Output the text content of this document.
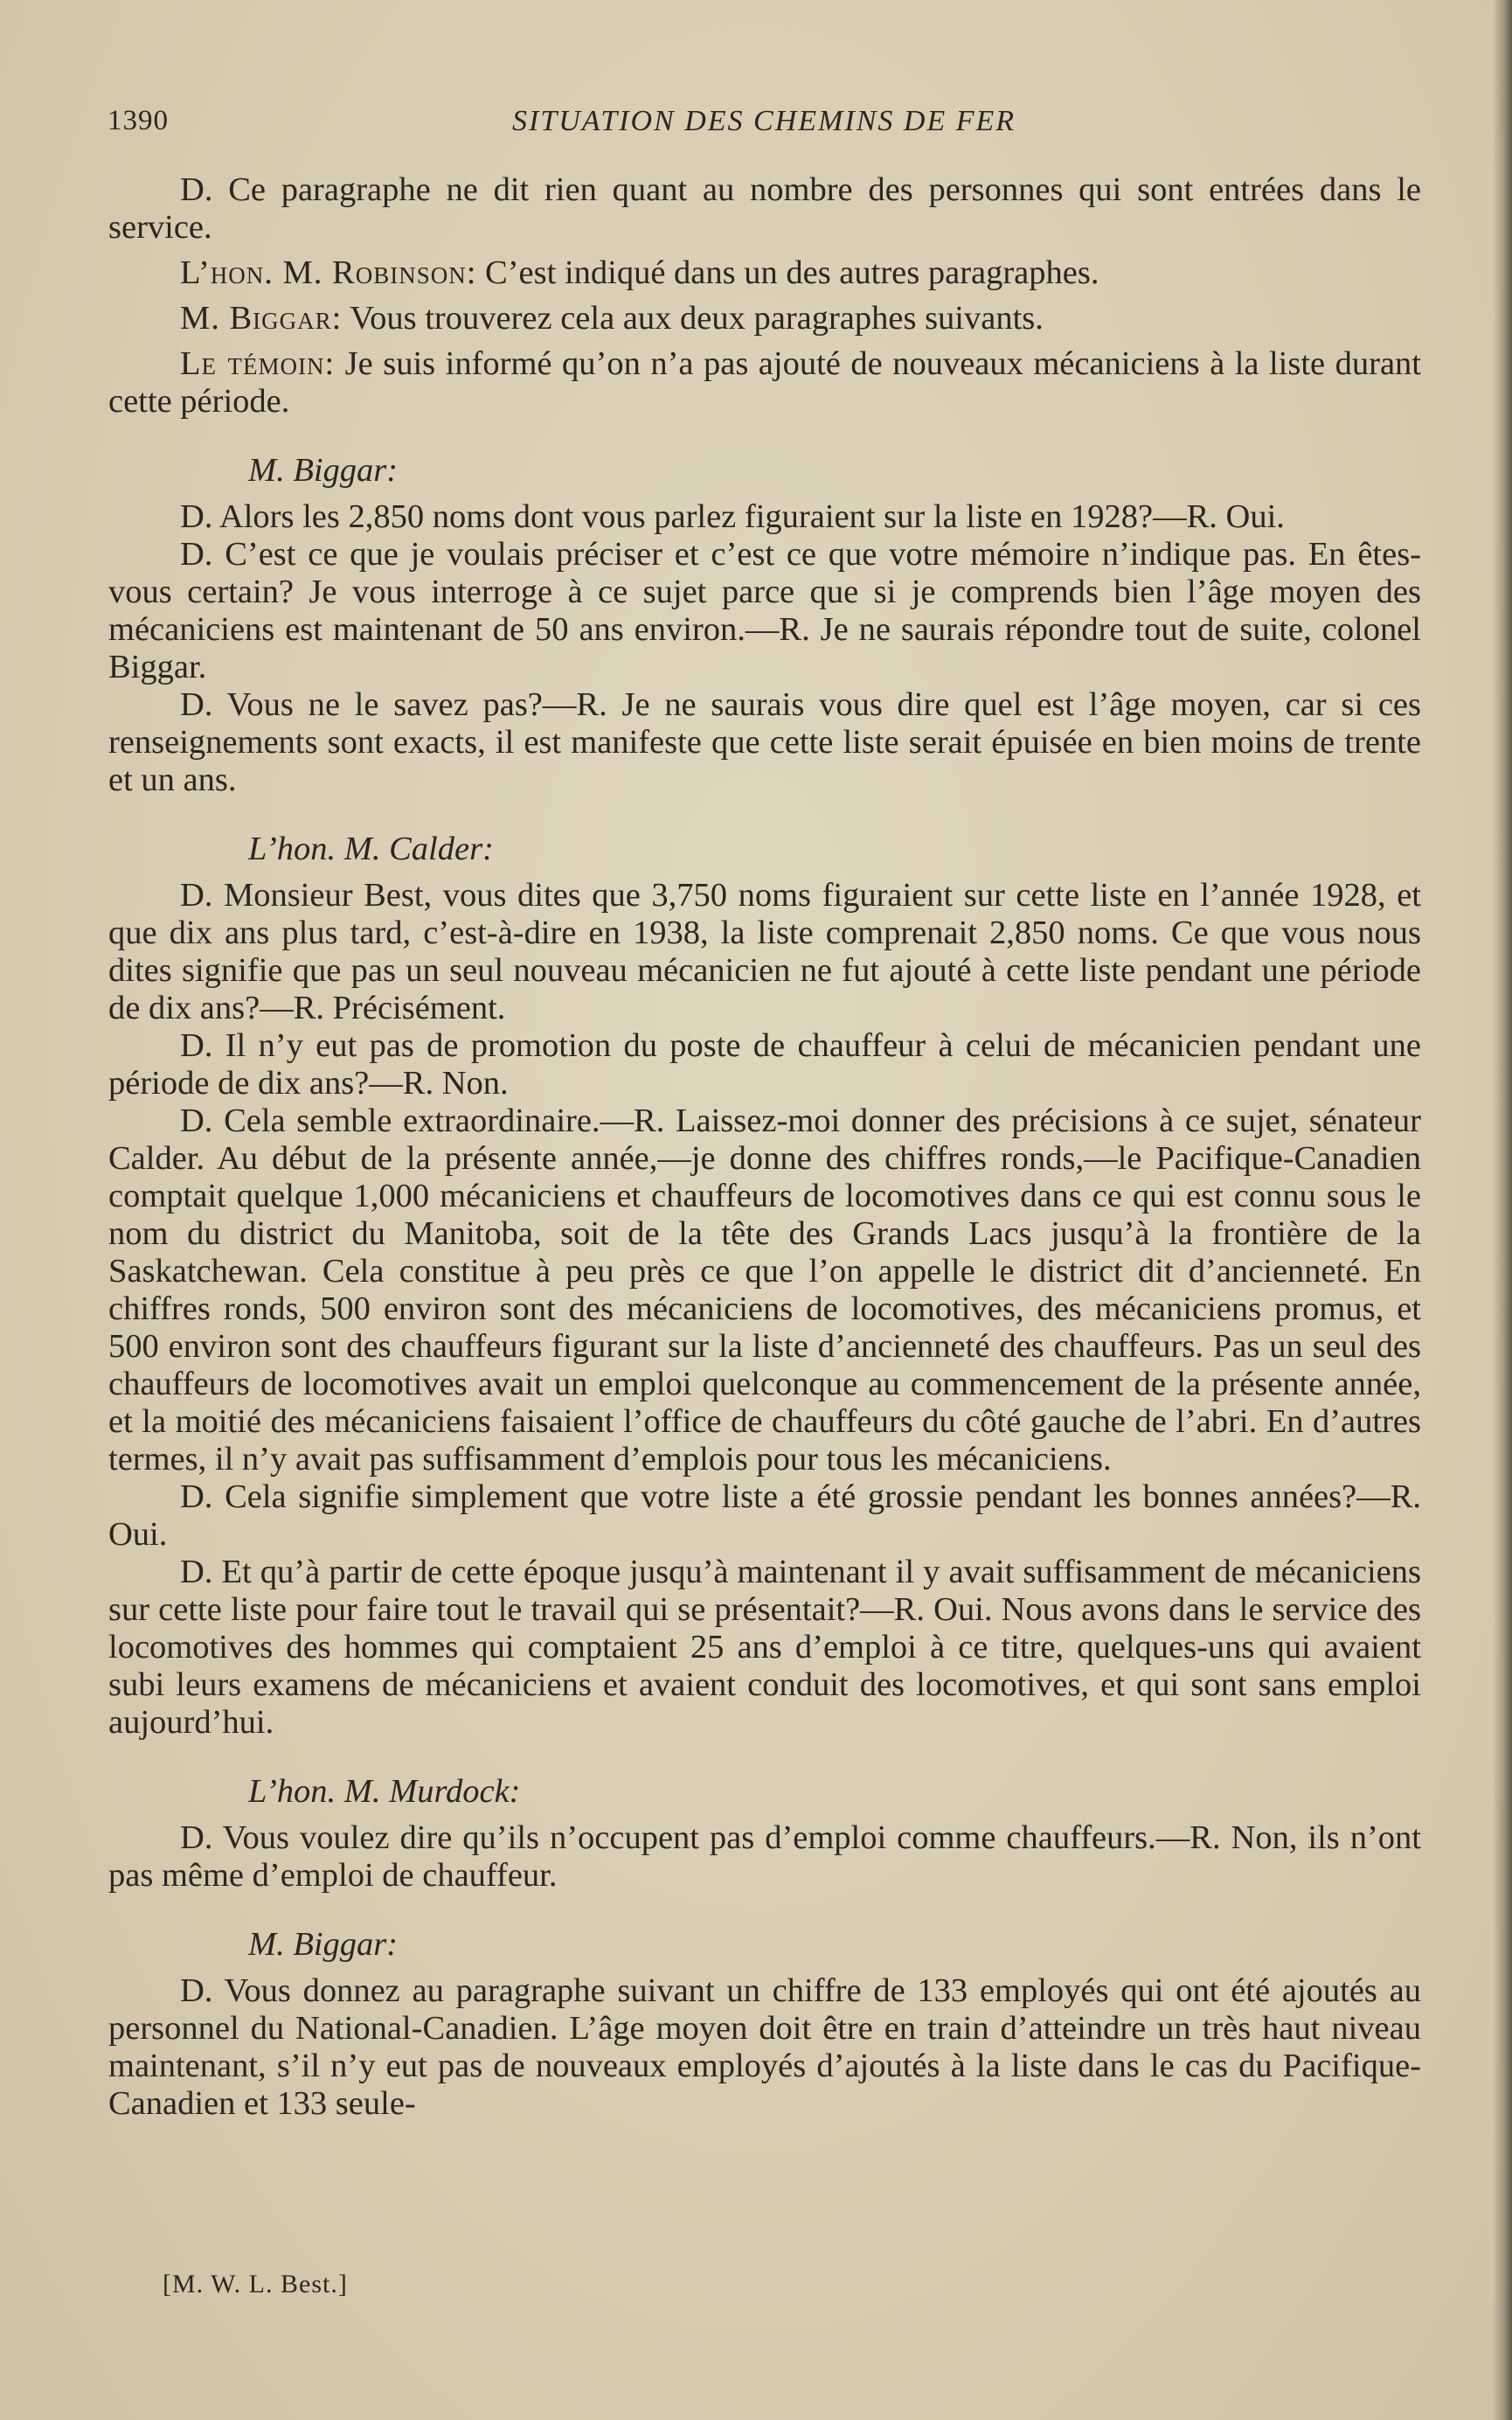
1390	SITUATION DES CHEMINS DE FER

D. Ce paragraphe ne dit rien quant au nombre des personnes qui sont entrées dans le service.

L’hon. M. Robinson: C’est indiqué dans un des autres paragraphes.

M. Biggar: Vous trouverez cela aux deux paragraphes suivants.

Le témoin: Je suis informé qu’on n’a pas ajouté de nouveaux mécaniciens à la liste durant cette période.

M. Biggar:

D. Alors les 2,850 noms dont vous parlez figuraient sur la liste en 1928?—R. Oui.

D. C’est ce que je voulais préciser et c’est ce que votre mémoire n’indique pas. En êtes-vous certain? Je vous interroge à ce sujet parce que si je comprends bien l’âge moyen des mécaniciens est maintenant de 50 ans environ.—R. Je ne saurais répondre tout de suite, colonel Biggar.

D. Vous ne le savez pas?—R. Je ne saurais vous dire quel est l’âge moyen, car si ces renseignements sont exacts, il est manifeste que cette liste serait épuisée en bien moins de trente et un ans.

L’hon. M. Calder:

D. Monsieur Best, vous dites que 3,750 noms figuraient sur cette liste en l’année 1928, et que dix ans plus tard, c’est-à-dire en 1938, la liste comprenait 2,850 noms. Ce que vous nous dites signifie que pas un seul nouveau mécanicien ne fut ajouté à cette liste pendant une période de dix ans?—R. Précisément.

D. Il n’y eut pas de promotion du poste de chauffeur à celui de mécanicien pendant une période de dix ans?—R. Non.

D. Cela semble extraordinaire.—R. Laissez-moi donner des précisions à ce sujet, sénateur Calder. Au début de la présente année,—je donne des chiffres ronds,—le Pacifique-Canadien comptait quelque 1,000 mécaniciens et chauffeurs de locomotives dans ce qui est connu sous le nom du district du Manitoba, soit de la tête des Grands Lacs jusqu’à la frontière de la Saskatchewan. Cela constitue à peu près ce que l’on appelle le district dit d’ancienneté. En chiffres ronds, 500 environ sont des mécaniciens de locomotives, des mécaniciens promus, et 500 environ sont des chauffeurs figurant sur la liste d’ancienneté des chauffeurs. Pas un seul des chauffeurs de locomotives avait un emploi quelconque au commencement de la présente année, et la moitié des mécaniciens faisaient l’office de chauffeurs du côté gauche de l’abri. En d’autres termes, il n’y avait pas suffisamment d’emplois pour tous les mécaniciens.

D. Cela signifie simplement que votre liste a été grossie pendant les bonnes années?—R. Oui.

D. Et qu’à partir de cette époque jusqu’à maintenant il y avait suffisamment de mécaniciens sur cette liste pour faire tout le travail qui se présentait?—R. Oui. Nous avons dans le service des locomotives des hommes qui comptaient 25 ans d’emploi à ce titre, quelques-uns qui avaient subi leurs examens de mécaniciens et avaient conduit des locomotives, et qui sont sans emploi aujourd’hui.

L’hon. M. Murdock:

D. Vous voulez dire qu’ils n’occupent pas d’emploi comme chauffeurs.—R. Non, ils n’ont pas même d’emploi de chauffeur.

M. Biggar:

D. Vous donnez au paragraphe suivant un chiffre de 133 employés qui ont été ajoutés au personnel du National-Canadien. L’âge moyen doit être en train d’atteindre un très haut niveau maintenant, s’il n’y eut pas de nouveaux employés d’ajoutés à la liste dans le cas du Pacifique-Canadien et 133 seule-

[M. W. L. Best.]
